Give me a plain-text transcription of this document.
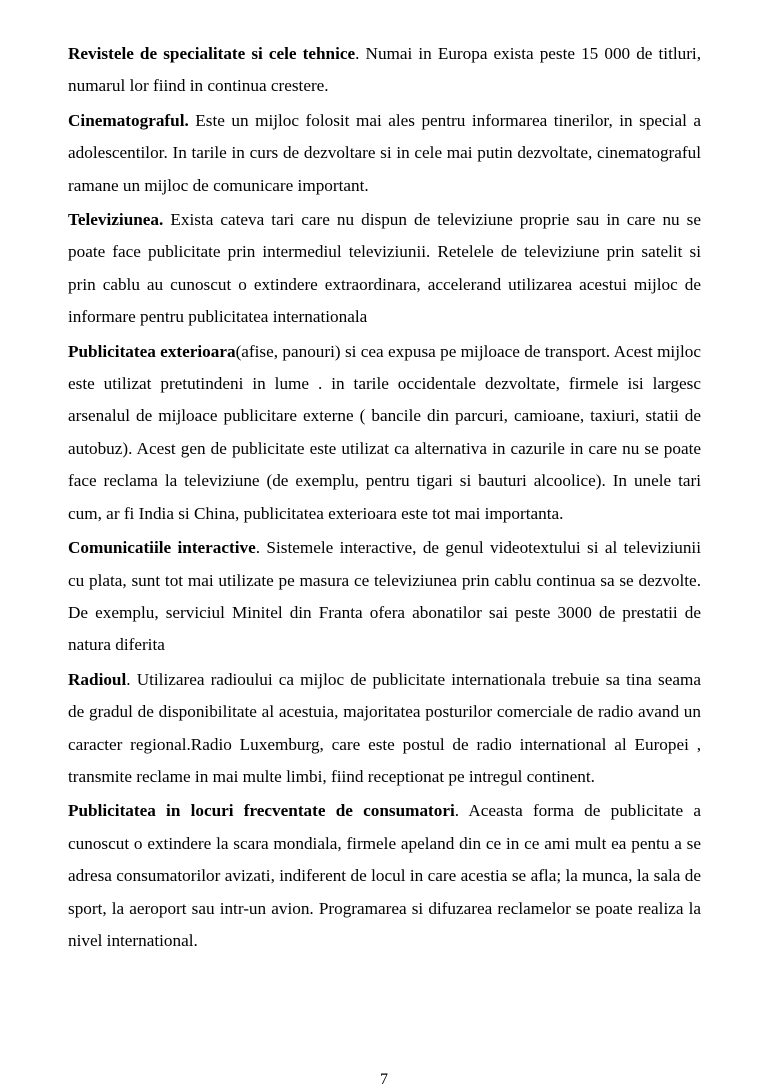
Revistele de specialitate si cele tehnice. Numai in Europa exista peste 15 000 de titluri, numarul lor fiind in continua crestere.

Cinematograful. Este un mijloc folosit mai ales pentru informarea tinerilor, in special a adolescentilor. In tarile in curs de dezvoltare si in cele mai putin dezvoltate, cinematograful ramane un mijloc de comunicare important.

Televiziunea. Exista cateva tari care nu dispun de televiziune proprie sau in care nu se poate face publicitate prin intermediul televiziunii. Retelele de televiziune prin satelit si prin cablu au cunoscut o extindere extraordinara, accelerand utilizarea acestui mijloc de informare pentru publicitatea internationala

Publicitatea exterioara(afise, panouri) si cea expusa pe mijloace de transport. Acest mijloc este utilizat pretutindeni in lume . in tarile occidentale dezvoltate, firmele isi largesc arsenalul de mijloace publicitare externe ( bancile din parcuri, camioane, taxiuri, statii de autobuz). Acest gen de publicitate este utilizat ca alternativa in cazurile in care nu se poate face reclama la televiziune (de exemplu, pentru tigari si bauturi alcoolice). In unele tari cum, ar fi India si China, publicitatea exterioara este tot mai importanta.

Comunicatiile interactive. Sistemele interactive, de genul videotextului si al televiziunii cu plata, sunt tot mai utilizate pe masura ce televiziunea prin cablu continua sa se dezvolte. De exemplu, serviciul Minitel din Franta ofera abonatilor sai peste 3000 de prestatii de natura diferita

Radioul. Utilizarea radioului ca mijloc de publicitate internationala trebuie sa tina seama de gradul de disponibilitate al acestuia, majoritatea posturilor comerciale de radio avand un caracter regional.Radio Luxemburg, care este postul de radio international al Europei , transmite reclame in mai multe limbi, fiind receptionat pe intregul continent.

Publicitatea in locuri frecventate de consumatori. Aceasta forma de publicitate a cunoscut o extindere la scara mondiala, firmele apeland din ce in ce ami mult ea pentu a se adresa consumatorilor avizati, indiferent de locul in care acestia se afla; la munca, la sala de sport, la aeroport sau intr-un avion. Programarea si difuzarea reclamelor se poate realiza la nivel international.

7
